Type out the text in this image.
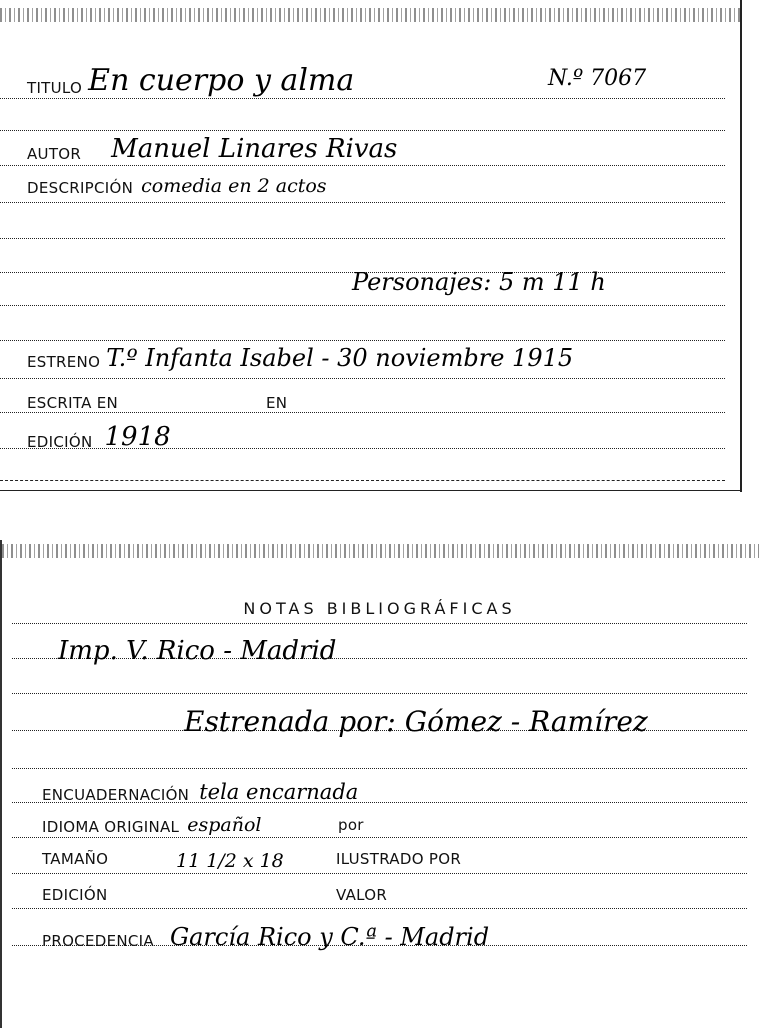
TITULO En cuerpo y alma	N.º 7067
AUTOR Manuel Linares Rivas
DESCRIPCIÓN comedia en 2 actos
Personajes: 5 m 11 h
ESTRENO T.º Infanta Isabel - 30 noviembre 1915
ESCRITA EN	EN
EDICIÓN 1918
NOTAS BIBLIOGRÁFICAS
Imp. V. Rico - Madrid
Estrenada por: Gómez - Ramírez
ENCUADERNACIÓN tela encarnada
IDIOMA ORIGINAL español	por
TAMAÑO	11 1/2 x 18	ILUSTRADO POR
EDICIÓN	VALOR
PROCEDENCIA García Rico y C.ª - Madrid
